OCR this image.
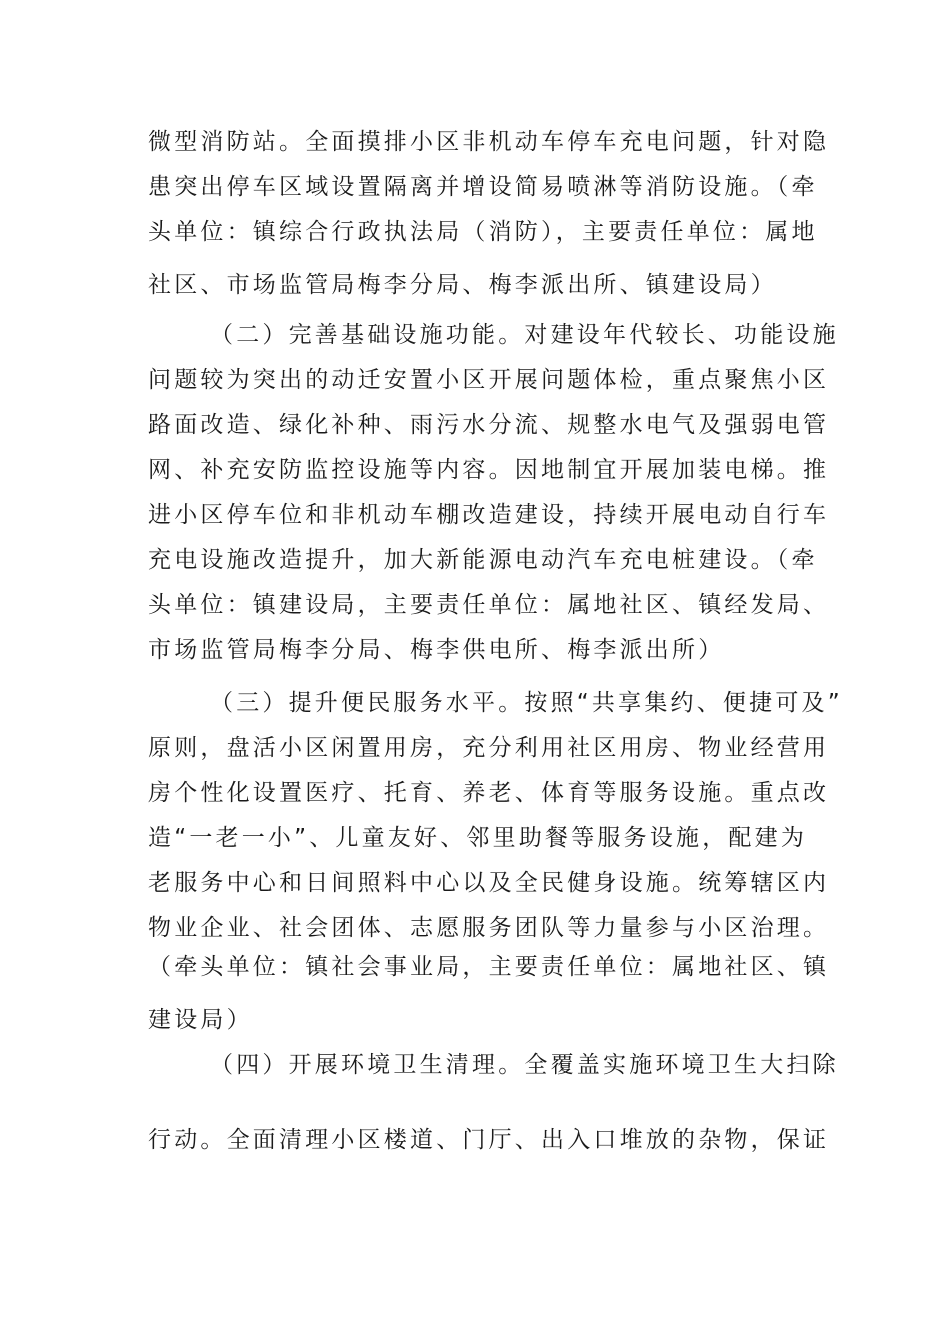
微型消防站。全面摸排小区非机动车停车充电问题，针对隐
患突出停车区域设置隔离并增设简易喷淋等消防设施。（牵
头单位：镇综合行政执法局（消防），主要责任单位：属地
社区、市场监管局梅李分局、梅李派出所、镇建设局）
（二）完善基础设施功能。对建设年代较长、功能设施
问题较为突出的动迁安置小区开展问题体检，重点聚焦小区
路面改造、绿化补种、雨污水分流、规整水电气及强弱电管
网、补充安防监控设施等内容。因地制宜开展加装电梯。推
进小区停车位和非机动车棚改造建设，持续开展电动自行车
充电设施改造提升，加大新能源电动汽车充电桩建设。（牵
头单位：镇建设局，主要责任单位：属地社区、镇经发局、
市场监管局梅李分局、梅李供电所、梅李派出所）
（三）提升便民服务水平。按照“共享集约、便捷可及”
原则，盘活小区闲置用房，充分利用社区用房、物业经营用
房个性化设置医疗、托育、养老、体育等服务设施。重点改
造“一老一小”、儿童友好、邻里助餐等服务设施，配建为
老服务中心和日间照料中心以及全民健身设施。统筹辖区内
物业企业、社会团体、志愿服务团队等力量参与小区治理。
（牵头单位：镇社会事业局，主要责任单位：属地社区、镇
建设局）
（四）开展环境卫生清理。全覆盖实施环境卫生大扫除
行动。全面清理小区楼道、门厅、出入口堆放的杂物，保证
